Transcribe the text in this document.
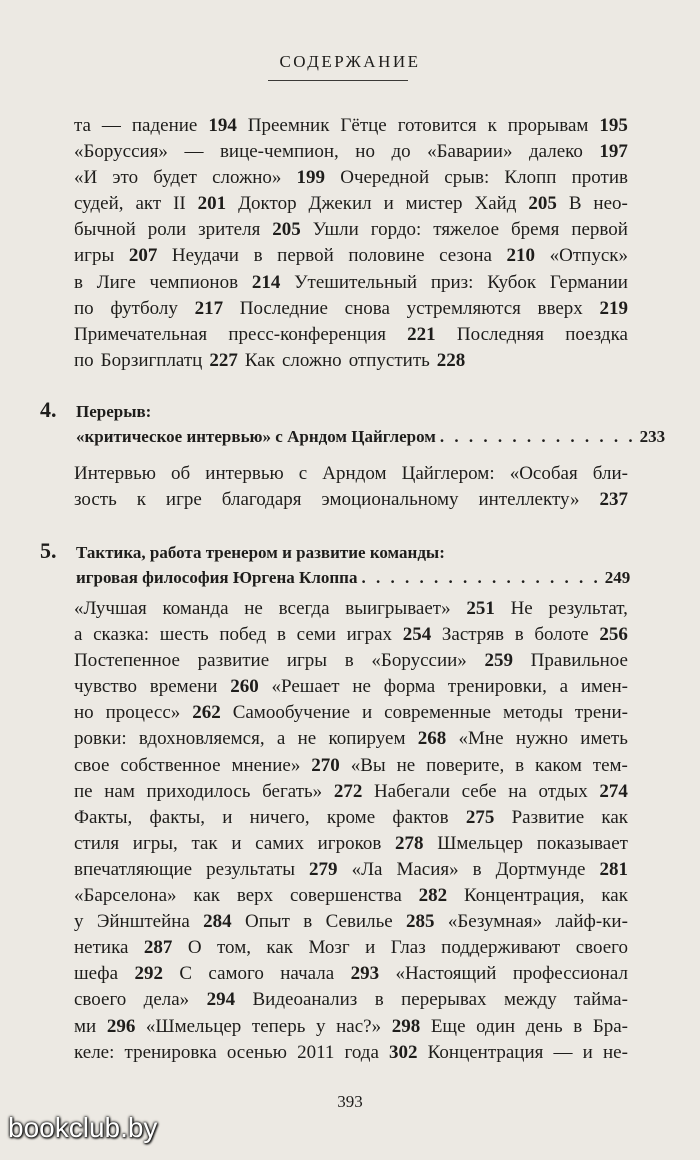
СОДЕРЖАНИЕ
та — падение 194 Преемник Гётце готовится к прорывам 195
«Боруссия» — вице-чемпион, но до «Баварии» далеко 197
«И это будет сложно» 199 Очередной срыв: Клопп против
судей, акт II 201 Доктор Джекил и мистер Хайд 205 В нео-
бычной роли зрителя 205 Ушли гордо: тяжелое бремя первой
игры 207 Неудачи в первой половине сезона 210 «Отпуск»
в Лиге чемпионов 214 Утешительный приз: Кубок Германии
по футболу 217 Последние снова устремляются вверх 219
Примечательная пресс-конференция 221 Последняя поездка
по Борзигплатц 227 Как сложно отпустить 228
4. Перерыв:
«критическое интервью» с Арндом Цайглером . . . . . . . . . . . . . . 233
Интервью об интервью с Арндом Цайглером: «Особая бли-
зость к игре благодаря эмоциональному интеллекту» 237
5. Тактика, работа тренером и развитие команды:
игровая философия Юргена Клоппа . . . . . . . . . . . . . . . . . 249
«Лучшая команда не всегда выигрывает» 251 Не результат,
а сказка: шесть побед в семи играх 254 Застряв в болоте 256
Постепенное развитие игры в «Боруссии» 259 Правильное
чувство времени 260 «Решает не форма тренировки, а имен-
но процесс» 262 Самообучение и современные методы трени-
ровки: вдохновляемся, а не копируем 268 «Мне нужно иметь
свое собственное мнение» 270 «Вы не поверите, в каком тем-
пе нам приходилось бегать» 272 Набегали себе на отдых 274
Факты, факты, и ничего, кроме фактов 275 Развитие как
стиля игры, так и самих игроков 278 Шмельцер показывает
впечатляющие результаты 279 «Ла Масия» в Дортмунде 281
«Барселона» как верх совершенства 282 Концентрация, как
у Эйнштейна 284 Опыт в Севилье 285 «Безумная» лайф-ки-
нетика 287 О том, как Мозг и Глаз поддерживают своего
шефа 292 С самого начала 293 «Настоящий профессионал
своего дела» 294 Видеоанализ в перерывах между тайма-
ми 296 «Шмельцер теперь у нас?» 298 Еще один день в Бра-
келе: тренировка осенью 2011 года 302 Концентрация — и не-
393
bookclub.by
